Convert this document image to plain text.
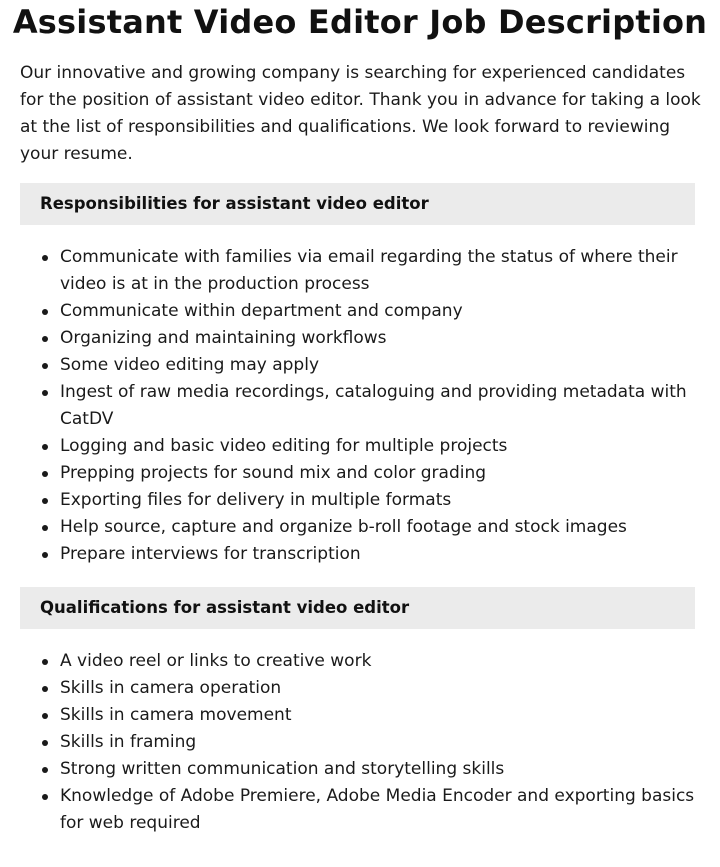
Assistant Video Editor Job Description

Our innovative and growing company is searching for experienced candidates for the position of assistant video editor. Thank you in advance for taking a look at the list of responsibilities and qualifications. We look forward to reviewing your resume.

Responsibilities for assistant video editor
Communicate with families via email regarding the status of where their video is at in the production process
Communicate within department and company
Organizing and maintaining workflows
Some video editing may apply
Ingest of raw media recordings, cataloguing and providing metadata with CatDV
Logging and basic video editing for multiple projects
Prepping projects for sound mix and color grading
Exporting files for delivery in multiple formats
Help source, capture and organize b-roll footage and stock images
Prepare interviews for transcription
Qualifications for assistant video editor
A video reel or links to creative work
Skills in camera operation
Skills in camera movement
Skills in framing
Strong written communication and storytelling skills
Knowledge of Adobe Premiere, Adobe Media Encoder and exporting basics for web required
